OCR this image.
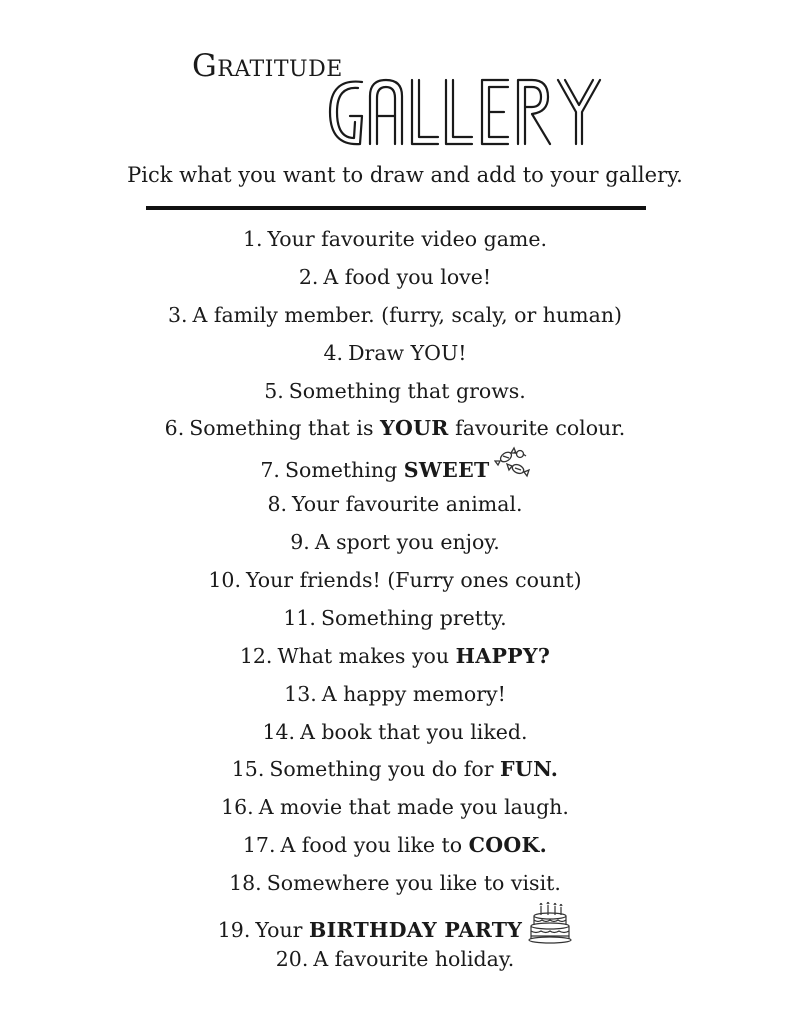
Gratitude
Pick what you want to draw and add to your gallery.
1. Your favourite video game.
2. A food you love!
3. A family member. (furry, scaly, or human)
4. Draw YOU!
5. Something that grows.
6. Something that is YOUR favourite colour.
7. Something SWEET
8. Your favourite animal.
9. A sport you enjoy.
10. Your friends! (Furry ones count)
11. Something pretty.
12. What makes you HAPPY?
13. A happy memory!
14. A book that you liked.
15. Something you do for FUN.
16. A movie that made you laugh.
17. A food you like to COOK.
18. Somewhere you like to visit.
19. Your BIRTHDAY PARTY
20. A favourite holiday.
